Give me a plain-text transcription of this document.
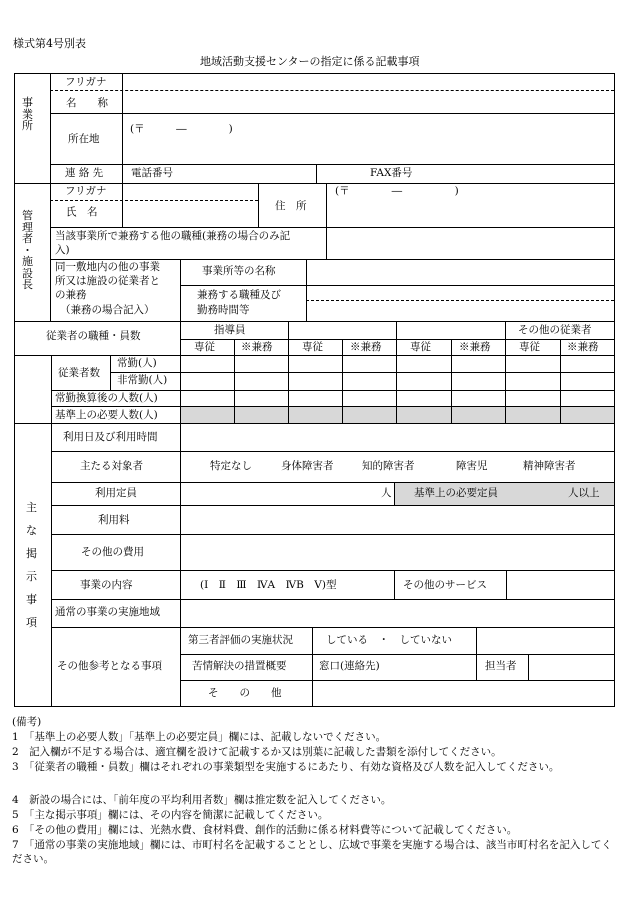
様式第4号別表
地域活動支援センターの指定に係る記載事項
事
業
所
フリガナ
名　　称
所在地
(〒　　　―　　　　)
連 絡 先	電話番号	FAX番号
管
理
者
・
施
設
長
フリガナ
氏　名	住　所
(〒　　　　―　　　　　)
当該事業所で兼務する他の職種(兼務の場合のみ記
入)
同一敷地内の他の事業
所又は施設の従業者と
の兼務
（兼務の場合記入）
事業所等の名称
兼務する職種及び
勤務時間等
従業者の職種・員数	指導員	その他の従業者
専従 ※兼務	専従	※兼務	専従	※兼務	専従	※兼務
従業者数
常勤(人)
非常勤(人)
常勤換算後の人数(人)
基準上の必要人数(人)
主

な

掲

示

事

項
利用日及び利用時間
主たる対象者	特定なし	身体障害者	知的障害者	障害児	精神障害者
利用定員	人 基準上の必要定員	人以上
利用料
その他の費用
事業の内容	(Ⅰ　Ⅱ　Ⅲ　ⅣA　ⅣB　Ⅴ)型	その他のサービス
通常の事業の実施地域
その他参考となる事項
第三者評価の実施状況	している　・　していない
苦情解決の措置概要	窓口(連絡先)	担当者
そ　　の　　他
(備考)
1　「基準上の必要人数」「基準上の必要定員」欄には、記載しないでください。
2　記入欄が不足する場合は、適宜欄を設けて記載するか又は別葉に記載した書類を添付してください。
3　「従業者の職種・員数」欄はそれぞれの事業類型を実施するにあたり、有効な資格及び人数を記入してください。
4　新設の場合には、「前年度の平均利用者数」欄は推定数を記入してください。
5　「主な掲示事項」欄には、その内容を簡潔に記載してください。
6　「その他の費用」欄には、光熱水費、食材料費、創作的活動に係る材料費等について記載してください。
7　「通常の事業の実施地域」欄には、市町村名を記載することとし、広域で事業を実施する場合は、該当市町村名を記入してください。
